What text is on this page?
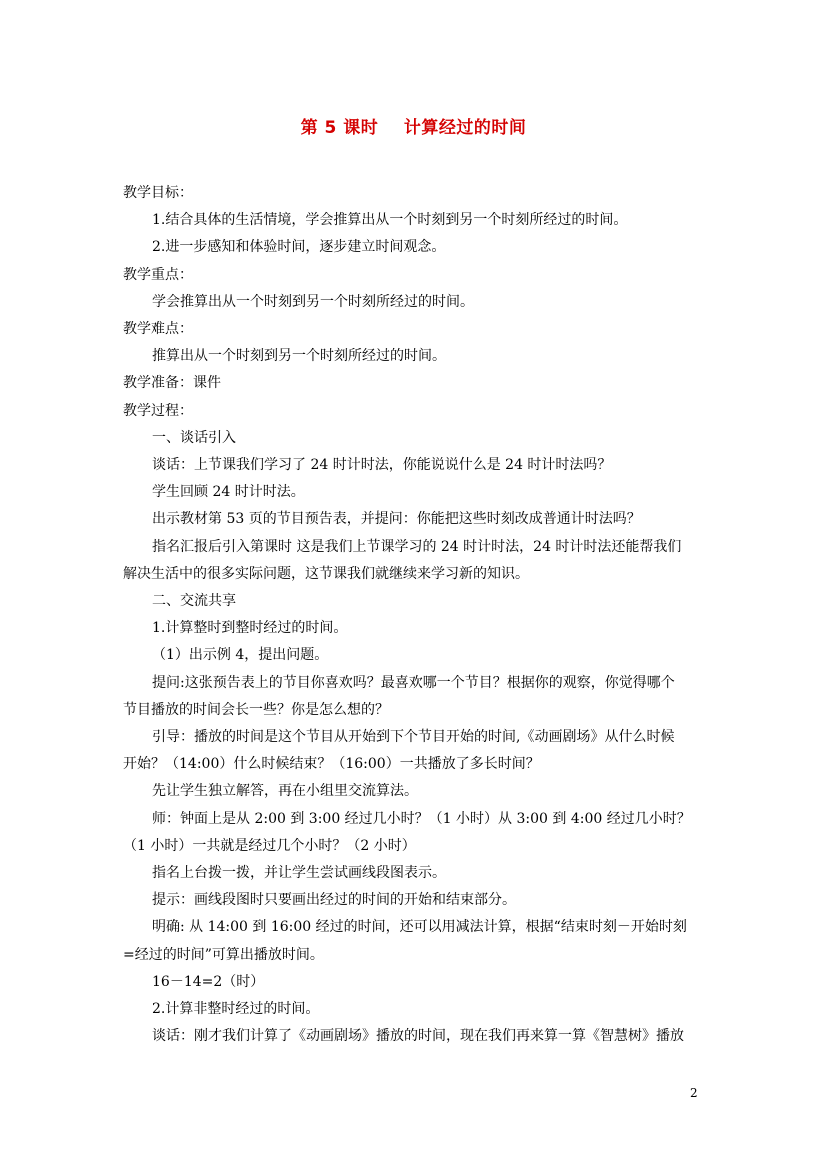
第 5 课时    计算经过的时间

教学目标：

1.结合具体的生活情境，学会推算出从一个时刻到另一个时刻所经过的时间。

2.进一步感知和体验时间，逐步建立时间观念。

教学重点：

学会推算出从一个时刻到另一个时刻所经过的时间。

教学难点：

推算出从一个时刻到另一个时刻所经过的时间。

教学准备：课件

教学过程：

一、谈话引入

谈话：上节课我们学习了 24 时计时法，你能说说什么是 24 时计时法吗？

学生回顾 24 时计时法。

出示教材第 53 页的节目预告表，并提问：你能把这些时刻改成普通计时法吗？

指名汇报后引入第课时 这是我们上节课学习的 24 时计时法，24 时计时法还能帮我们

解决生活中的很多实际问题，这节课我们就继续来学习新的知识。

二、交流共享

1.计算整时到整时经过的时间。

（1）出示例 4，提出问题。

提问:这张预告表上的节目你喜欢吗？最喜欢哪一个节目？根据你的观察，你觉得哪个

节目播放的时间会长一些？你是怎么想的？

引导：播放的时间是这个节目从开始到下个节目开始的时间,《动画剧场》从什么时候

开始？（14:00）什么时候结束？（16:00）一共播放了多长时间？

先让学生独立解答，再在小组里交流算法。

师：钟面上是从 2:00 到 3:00 经过几小时？（1 小时）从 3:00 到 4:00 经过几小时？

（1 小时）一共就是经过几个小时？（2 小时）

指名上台拨一拨，并让学生尝试画线段图表示。

提示：画线段图时只要画出经过的时间的开始和结束部分。

明确: 从 14:00 到 16:00 经过的时间，还可以用减法计算，根据“结束时刻－开始时刻

=经过的时间”可算出播放时间。

16－14=2（时）

2.计算非整时经过的时间。

谈话：刚才我们计算了《动画剧场》播放的时间，现在我们再来算一算《智慧树》播放

2
